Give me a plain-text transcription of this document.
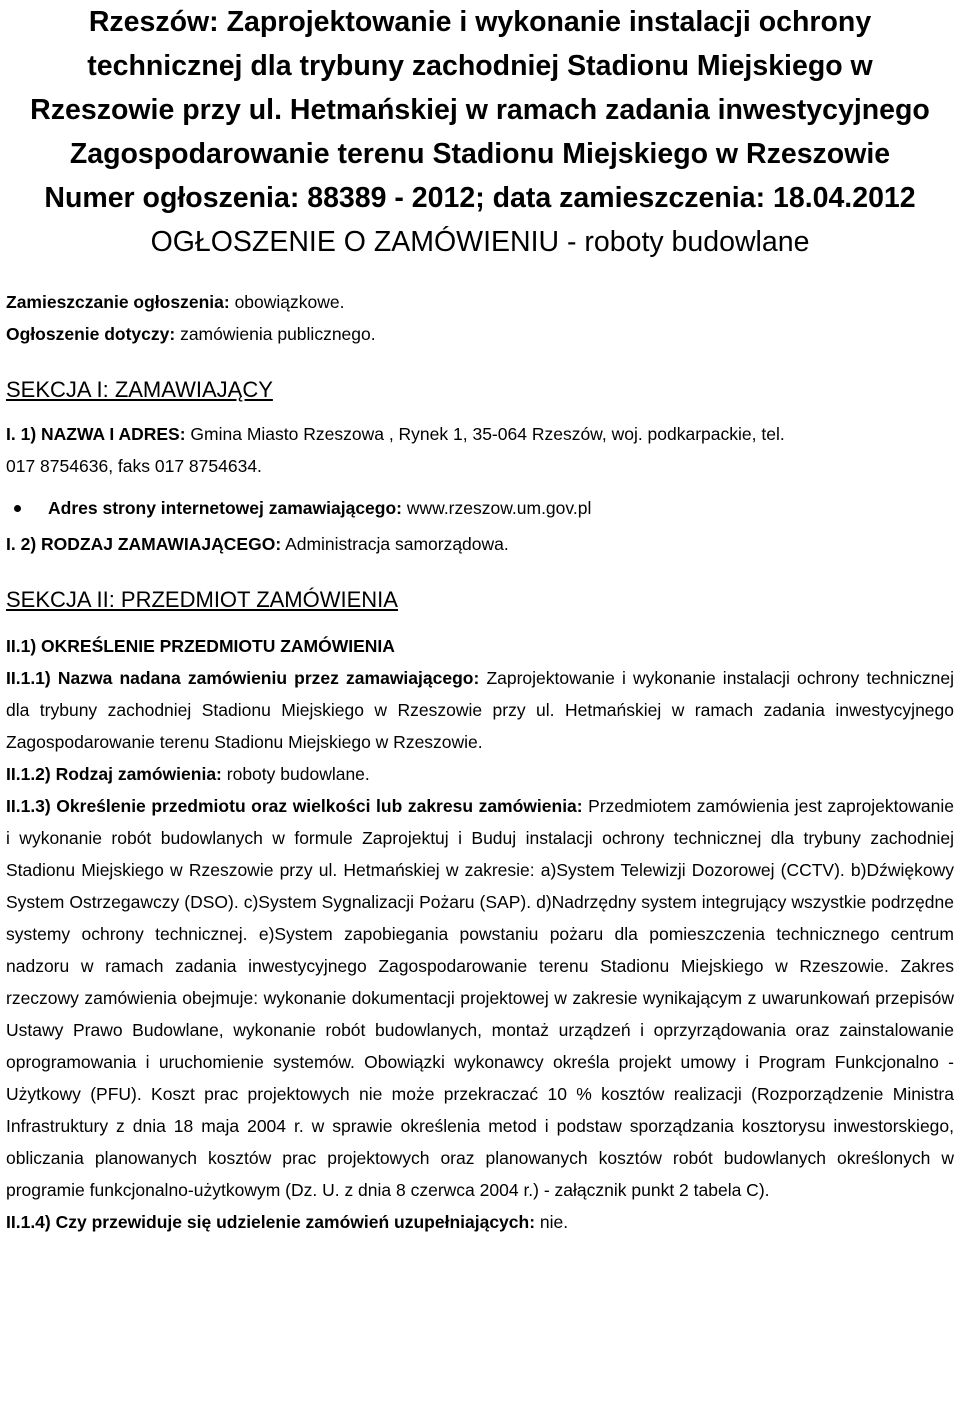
Rzeszów: Zaprojektowanie i wykonanie instalacji ochrony
technicznej dla trybuny zachodniej Stadionu Miejskiego w
Rzeszowie przy ul. Hetmańskiej w ramach zadania inwestycyjnego
Zagospodarowanie terenu Stadionu Miejskiego w Rzeszowie
Numer ogłoszenia: 88389 - 2012; data zamieszczenia: 18.04.2012

OGŁOSZENIE O ZAMÓWIENIU - roboty budowlane

Zamieszczanie ogłoszenia: obowiązkowe.

Ogłoszenie dotyczy: zamówienia publicznego.

SEKCJA I: ZAMAWIAJĄCY

I. 1) NAZWA I ADRES: Gmina Miasto Rzeszowa , Rynek 1, 35-064 Rzeszów, woj. podkarpackie, tel.
017 8754636, faks 017 8754634.

Adres strony internetowej zamawiającego: www.rzeszow.um.gov.pl

I. 2) RODZAJ ZAMAWIAJĄCEGO: Administracja samorządowa.

SEKCJA II: PRZEDMIOT ZAMÓWIENIA

II.1) OKREŚLENIE PRZEDMIOTU ZAMÓWIENIA

II.1.1) Nazwa nadana zamówieniu przez zamawiającego: Zaprojektowanie i wykonanie instalacji ochrony technicznej dla trybuny zachodniej Stadionu Miejskiego w Rzeszowie przy ul. Hetmańskiej w ramach zadania inwestycyjnego Zagospodarowanie terenu Stadionu Miejskiego w Rzeszowie.

II.1.2) Rodzaj zamówienia: roboty budowlane.

II.1.3) Określenie przedmiotu oraz wielkości lub zakresu zamówienia: Przedmiotem zamówienia jest zaprojektowanie i wykonanie robót budowlanych w formule Zaprojektuj i Buduj instalacji ochrony technicznej dla trybuny zachodniej Stadionu Miejskiego w Rzeszowie przy ul. Hetmańskiej w zakresie: a)System Telewizji Dozorowej (CCTV). b)Dźwiękowy System Ostrzegawczy (DSO). c)System Sygnalizacji Pożaru (SAP). d)Nadrzędny system integrujący wszystkie podrzędne systemy ochrony technicznej. e)System zapobiegania powstaniu pożaru dla pomieszczenia technicznego centrum nadzoru w ramach zadania inwestycyjnego Zagospodarowanie terenu Stadionu Miejskiego w Rzeszowie. Zakres rzeczowy zamówienia obejmuje: wykonanie dokumentacji projektowej w zakresie wynikającym z uwarunkowań przepisów Ustawy Prawo Budowlane, wykonanie robót budowlanych, montaż urządzeń i oprzyrządowania oraz zainstalowanie oprogramowania i uruchomienie systemów. Obowiązki wykonawcy określa projekt umowy i Program Funkcjonalno - Użytkowy (PFU). Koszt prac projektowych nie może przekraczać 10 % kosztów realizacji (Rozporządzenie Ministra Infrastruktury z dnia 18 maja 2004 r. w sprawie określenia metod i podstaw sporządzania kosztorysu inwestorskiego, obliczania planowanych kosztów prac projektowych oraz planowanych kosztów robót budowlanych określonych w programie funkcjonalno-użytkowym (Dz. U. z dnia 8 czerwca 2004 r.) - załącznik punkt 2 tabela C).

II.1.4) Czy przewiduje się udzielenie zamówień uzupełniających: nie.
